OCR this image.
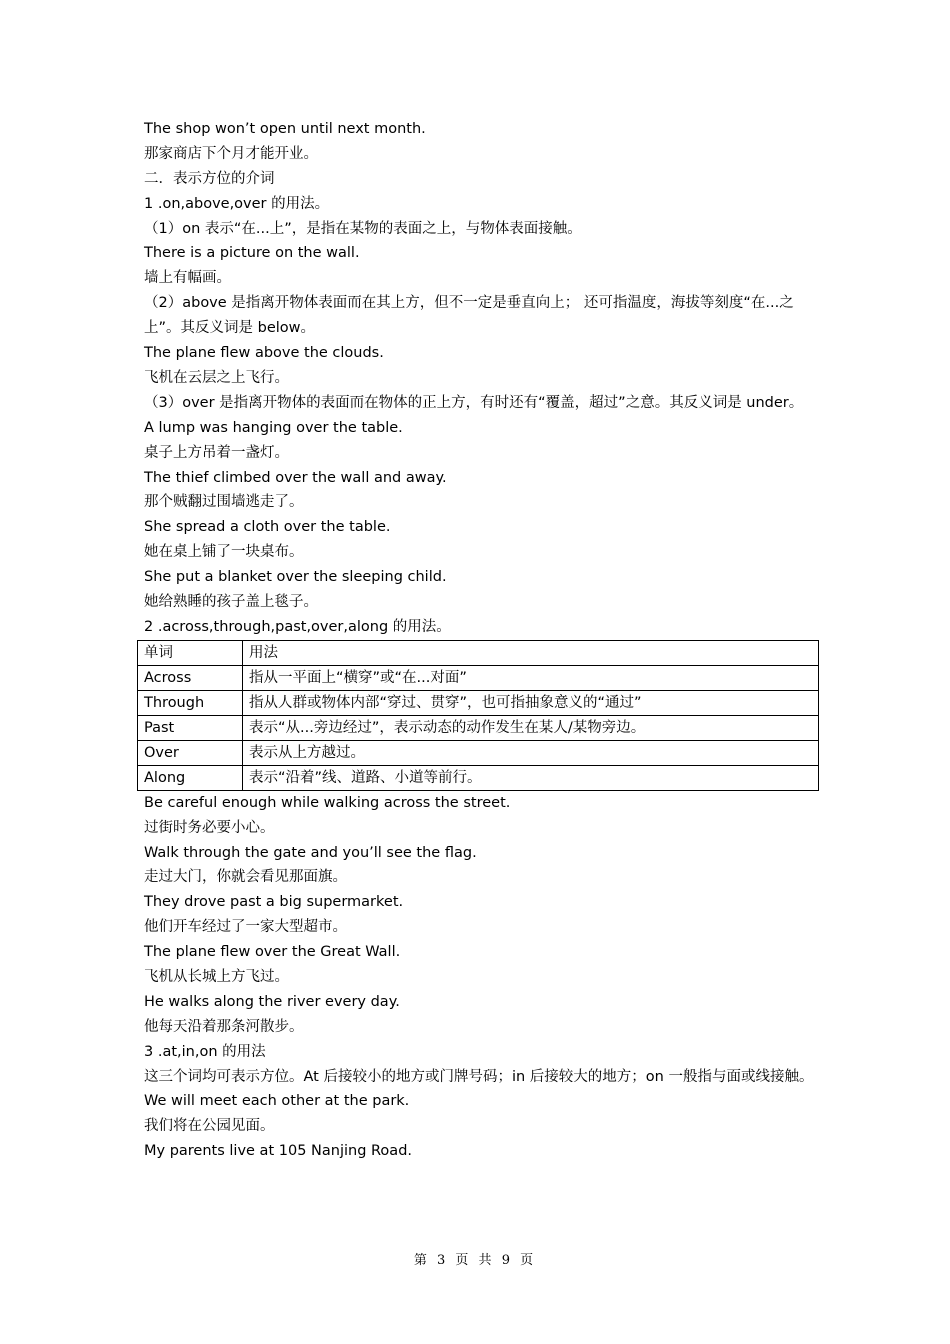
The shop won’t open until next month.
那家商店下个月才能开业。
二．表示方位的介词
1 .on,above,over 的用法。
（1）on 表示“在...上”，是指在某物的表面之上，与物体表面接触。
There is a picture on the wall.
墙上有幅画。
（2）above 是指离开物体表面而在其上方，但不一定是垂直向上； 还可指温度，海拔等刻度“在...之上”。其反义词是 below。
The plane flew above the clouds.
飞机在云层之上飞行。
（3）over 是指离开物体的表面而在物体的正上方，有时还有“覆盖，超过”之意。其反义词是 under。
A lump was hanging over the table.
桌子上方吊着一盏灯。
The thief climbed over the wall and away.
那个贼翻过围墙逃走了。
She spread a cloth over the table.
她在桌上铺了一块桌布。
She put a blanket over the sleeping child.
她给熟睡的孩子盖上毯子。
2 .across,through,past,over,along 的用法。
单词	用法
Across	指从一平面上“横穿”或“在...对面”
Through	指从人群或物体内部“穿过、贯穿”，也可指抽象意义的“通过”
Past	表示“从...旁边经过”，表示动态的动作发生在某人/某物旁边。
Over	表示从上方越过。
Along	表示“沿着”线、道路、小道等前行。
Be careful enough while walking across the street.
过街时务必要小心。
Walk through the gate and you’ll see the flag.
走过大门，你就会看见那面旗。
They drove past a big supermarket.
他们开车经过了一家大型超市。
The plane flew over the Great Wall.
飞机从长城上方飞过。
He walks along the river every day.
他每天沿着那条河散步。
3 .at,in,on 的用法
这三个词均可表示方位。At 后接较小的地方或门牌号码；in 后接较大的地方；on 一般指与面或线接触。
We will meet each other at the park.
我们将在公园见面。
My parents live at 105 Nanjing Road.
第 3 页 共 9 页
